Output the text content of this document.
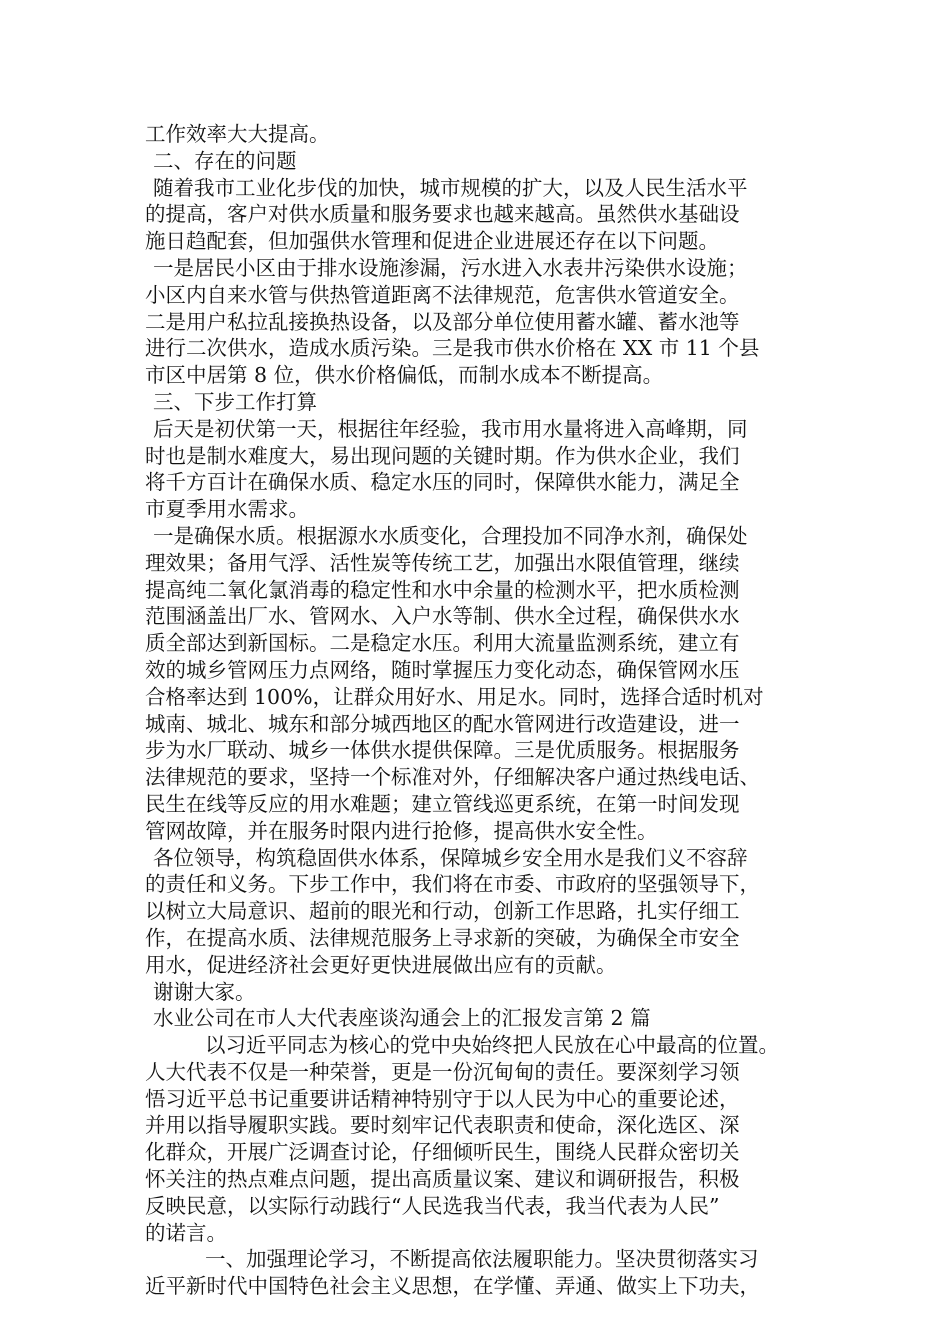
工作效率大大提高。
二、存在的问题
随着我市工业化步伐的加快，城市规模的扩大，以及人民生活水平
的提高，客户对供水质量和服务要求也越来越高。虽然供水基础设
施日趋配套，但加强供水管理和促进企业进展还存在以下问题。
一是居民小区由于排水设施渗漏，污水进入水表井污染供水设施；
小区内自来水管与供热管道距离不法律规范，危害供水管道安全。
二是用户私拉乱接换热设备，以及部分单位使用蓄水罐、蓄水池等
进行二次供水，造成水质污染。三是我市供水价格在 XX 市 11 个县
市区中居第 8 位，供水价格偏低，而制水成本不断提高。
三、下步工作打算
后天是初伏第一天，根据往年经验，我市用水量将进入高峰期，同
时也是制水难度大，易出现问题的关键时期。作为供水企业，我们
将千方百计在确保水质、稳定水压的同时，保障供水能力，满足全
市夏季用水需求。
一是确保水质。根据源水水质变化，合理投加不同净水剂，确保处
理效果；备用气浮、活性炭等传统工艺，加强出水限值管理，继续
提高纯二氧化氯消毒的稳定性和水中余量的检测水平，把水质检测
范围涵盖出厂水、管网水、入户水等制、供水全过程，确保供水水
质全部达到新国标。二是稳定水压。利用大流量监测系统，建立有
效的城乡管网压力点网络，随时掌握压力变化动态，确保管网水压
合格率达到 100%，让群众用好水、用足水。同时，选择合适时机对
城南、城北、城东和部分城西地区的配水管网进行改造建设，进一
步为水厂联动、城乡一体供水提供保障。三是优质服务。根据服务
法律规范的要求，坚持一个标准对外，仔细解决客户通过热线电话、
民生在线等反应的用水难题；建立管线巡更系统，在第一时间发现
管网故障，并在服务时限内进行抢修，提高供水安全性。
各位领导，构筑稳固供水体系，保障城乡安全用水是我们义不容辞
的责任和义务。下步工作中，我们将在市委、市政府的坚强领导下，
以树立大局意识、超前的眼光和行动，创新工作思路，扎实仔细工
作，在提高水质、法律规范服务上寻求新的突破，为确保全市安全
用水，促进经济社会更好更快进展做出应有的贡献。
谢谢大家。
水业公司在市人大代表座谈沟通会上的汇报发言第 2 篇
以习近平同志为核心的党中央始终把人民放在心中最高的位置。
人大代表不仅是一种荣誉，更是一份沉甸甸的责任。要深刻学习领
悟习近平总书记重要讲话精神特别守于以人民为中心的重要论述，
并用以指导履职实践。要时刻牢记代表职责和使命，深化选区、深
化群众，开展广泛调查讨论，仔细倾听民生，围绕人民群众密切关
怀关注的热点难点问题，提出高质量议案、建议和调研报告，积极
反映民意，以实际行动践行“人民选我当代表，我当代表为人民”
的诺言。
一、加强理论学习，不断提高依法履职能力。坚决贯彻落实习
近平新时代中国特色社会主义思想，在学懂、弄通、做实上下功夫，
